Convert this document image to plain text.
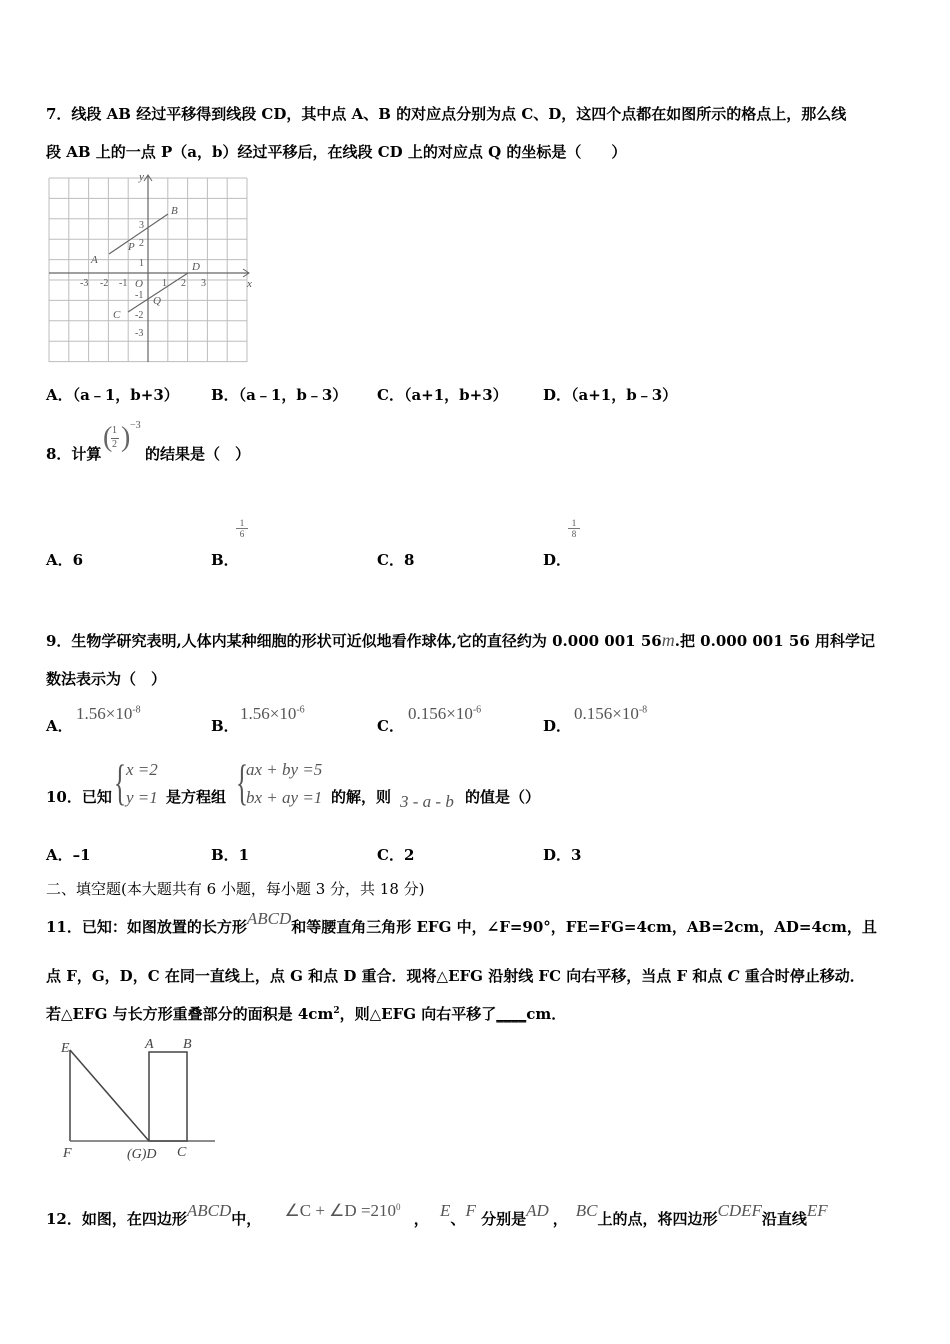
7．线段 AB 经过平移得到线段 CD，其中点 A、B 的对应点分别为点 C、D，这四个点都在如图所示的格点上，那么线
段 AB 上的一点 P（a，b）经过平移后，在线段 CD 上的对应点 Q 的坐标是（　　）
x
y
O
A
B
P
C
D
Q
-3 -2 -1	1 2 3
3
2
1
-1
-2
-3
A．（a﹣1，b+3） B．（a﹣1，b﹣3） C．（a+1，b+3） D．（a+1，b﹣3）
8．计算
( 1
2 ) −3
的结果是（　）
A．6	B．
1
6
C．8	D．
1
8
9．生物学研究表明,人体内某种细胞的形状可近似地看作球体,它的直径约为 0.000 001 56m.把 0.000 001 56 用科学记
数法表示为（　）
A．
$1.56\times 10^{-8}$
B．
$1.56\times 10^{-6}$
C．
$0.156\times 10^{-6}$
D．
$0.156\times 10^{-8}$
10．已知 { x =2
y =1 是方程组 {
ax + by =5
bx + ay =1 的解，则 3 - a - b 的值是（）
A．–1	B．1	C．2	D．3
二、填空题(本大题共有 6 小题，每小题 3 分，共 18 分)
11．已知：如图放置的长方形ABCD和等腰直角三角形 EFG 中，∠F=90°，FE=FG=4cm，AB=2cm，AD=4cm，且
点 F，G，D，C 在同一直线上，点 G 和点 D 重合．现将△EFG 沿射线 FC 向右平移，当点 F 和点 C 重合时停止移动．
若△EFG 与长方形重叠部分的面积是 $4cm^2$，则△EFG 向右平移了____cm．
E
F
A B
(G)D C
12．如图，在四边形ABCD中， ∠C + ∠D $=210^0$ ， E、F 分别是AD ， BC上的点，将四边形CDEF沿直线EF
